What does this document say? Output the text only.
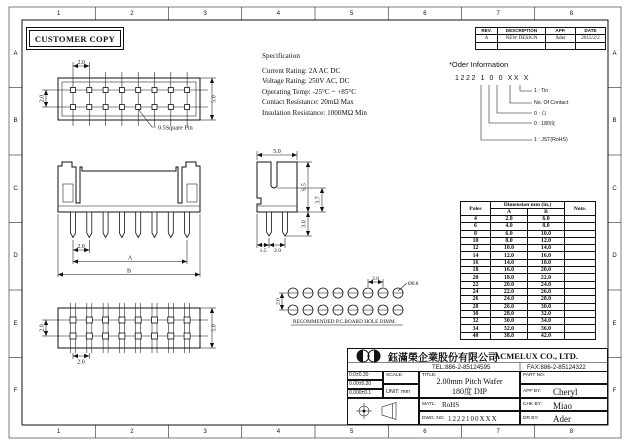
2.0
2.0	5.0
0.5Square Pin
2.0
A
B
5.0
6.5
3.7
3.0
1.5 2.0
2.0	5.0
2.0
2.0
2.0
Ø0.8
RECOMMENDED P.C.BOARD HOLE DIMM.
1
1
2
2
3
3
4
4
5
5
6
6
7
7
8
8
A	A
B	B
C	C
D	D
E	E
F	F
CUSTOMER COPY
REV.	DESCRIPTION	APP.	DATE
A	NEW DESIGN	Ader	2015/2/2

Specification
Current Rating: 2A AC DC
Voltage Rating: 250V AC, DC
Operating Temp: -25°C ~ +85°C
Contact Resistance: 20mΩ Max
Insulation Resistance: 1000MΩ Min
*Oder Information
1222 1 0 0 XX X
1 : Tin
No. Of Contact
0 : 白
0 : 180度
1 : JST(RoHS)
Poles	Dimension mm (in.)		Note.
	A	B	
4	2.0	6.0	
6	4.0	8.0	
8	6.0	10.0	
10	8.0	12.0	
12	10.0	14.0	
14	12.0	16.0	
16	14.0	18.0	
18	16.0	20.0	
20	18.0	22.0	
22	20.0	24.0	
24	22.0	26.0	
26	24.0	28.0	
28	26.0	30.0	
30	28.0	32.0	
32	30.0	34.0	
34	32.0	36.0	
40	38.0	42.0	
鈺滿榮企業股份有限公司
ACMELUX CO., LTD.
TEL:886-2-85124595	FAX:886-2-85124322
0.0±0.30
0.00±0.20
0.000±0.1
SCALE:
UNIT: mm
TITLE:
2.00mm Pitch Wafer
180度 DIP
MATL: RoHS
DWG. NO. 1222100XXX
PART NO:
APP BY: Cheryl
CHK BY: Miao
DR BY: Ader
